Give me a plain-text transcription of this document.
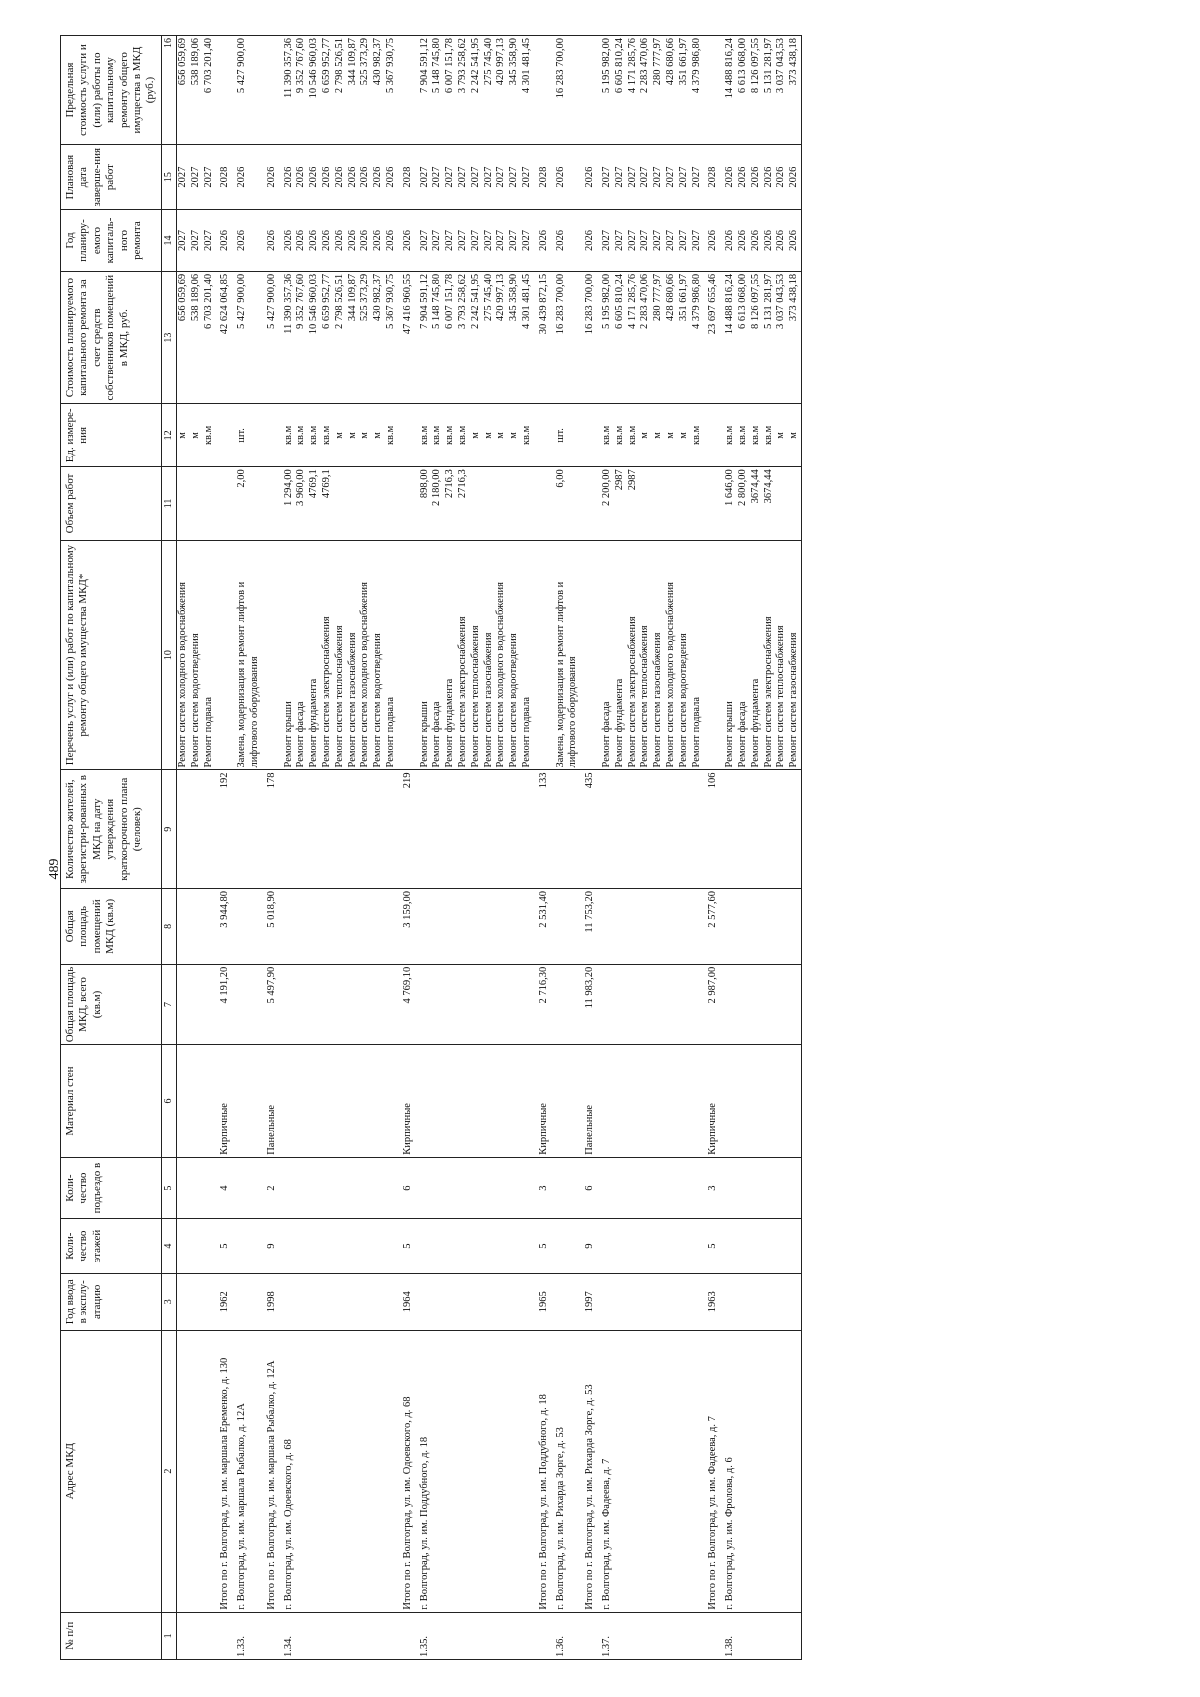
489
№ п/п	Адрес МКД	Год ввода в эксплу-атацию	Коли-чество этажей	Коли-чество подъездо в	Материал стен	Общая площадь МКД, всего (кв.м)	Общая площадь помещений МКД (кв.м)	Количество жителей, зарегистри-рованных в МКД на дату утверждения краткосрочного плана (человек)	Перечень услуг и (или) работ по капитальному ремонту общего имущества МКД*	Объем работ	Ед. измере-ния	Стоимость планируемого капитального ремонта за счет средств собственников помещений в МКД, руб.	Год планиру-емого капиталь-ного ремонта	Плановая дата заверше-ния работ	Предельная стоимость услуги и (или) работы по капитальному ремонту общего имущества в МКД (руб.)
1	2	3	4	5	6	7	8	9	10	11	12	13	14	15	16
									Ремонт систем холодного водоснабжения		м	656 059,69	2027	2027	656 059,69
									Ремонт систем водоотведения		м	538 189,06	2027	2027	538 189,06
									Ремонт подвала		кв.м	6 703 201,40	2027	2027	6 703 201,40

	Итого по г. Волгоград, ул. им. маршала Еременко, д. 130	1962	5	4	Кирпичные	4 191,20	3 944,80	192				42 624 064,85	2026	2028	

1.33.	г. Волгоград, ул. им. маршала Рыбалко, д. 12А								Замена, модернизация и ремонт лифтов и лифтового оборудования	2,00	шт.	5 427 900,00	2026	2026	5 427 900,00

	Итого по г. Волгоград, ул. им. маршала Рыбалко, д. 12А	1998	9	2	Панельные	5 497,90	5 018,90	178				5 427 900,00	2026	2026	

1.34.	г. Волгоград, ул. им. Одоевского, д. 68								Ремонт крыши	1 294,00	кв.м	11 390 357,36	2026	2026	11 390 357,36
									Ремонт фасада	3 960,00	кв.м	9 352 767,60	2026	2026	9 352 767,60
									Ремонт фундамента	4769,1	кв.м	10 546 960,03	2026	2026	10 546 960,03
									Ремонт систем электроснабжения	4769,1	кв.м	6 659 952,77	2026	2026	6 659 952,77
									Ремонт систем теплоснабжения		м	2 798 526,51	2026	2026	2 798 526,51
									Ремонт систем газоснабжения		м	344 109,87	2026	2026	344 109,87
									Ремонт систем холодного водоснабжения		м	525 373,29	2026	2026	525 373,29
									Ремонт систем водоотведения		м	430 982,37	2026	2026	430 982,37
									Ремонт подвала		кв.м	5 367 930,75	2026	2026	5 367 930,75

	Итого по г. Волгоград, ул. им. Одоевского, д. 68	1964	5	6	Кирпичные	4 769,10	3 159,00	219				47 416 960,55	2026	2028	

1.35.	г. Волгоград, ул. им. Поддубного, д. 18								Ремонт крыши	898,00	кв.м	7 904 591,12	2027	2027	7 904 591,12
									Ремонт фасада	2 180,00	кв.м	5 148 745,80	2027	2027	5 148 745,80
									Ремонт фундамента	2716,3	кв.м	6 007 151,78	2027	2027	6 007 151,78
									Ремонт систем электроснабжения	2716,3	кв.м	3 793 258,62	2027	2027	3 793 258,62
									Ремонт систем теплоснабжения		м	2 242 541,95	2027	2027	2 242 541,95
									Ремонт систем газоснабжения		м	275 745,40	2027	2027	275 745,40
									Ремонт систем холодного водоснабжения		м	420 997,13	2027	2027	420 997,13
									Ремонт систем водоотведения		м	345 358,90	2027	2027	345 358,90
									Ремонт подвала		кв.м	4 301 481,45	2027	2027	4 301 481,45

	Итого по г. Волгоград, ул. им. Поддубного, д. 18	1965	5	3	Кирпичные	2 716,30	2 531,40	133				30 439 872,15	2026	2028	

1.36.	г. Волгоград, ул. им. Рихарда Зорге, д. 53								Замена, модернизация и ремонт лифтов и лифтового оборудования	6,00	шт.	16 283 700,00	2026	2026	16 283 700,00

	Итого по г. Волгоград, ул. им. Рихарда Зорге, д. 53	1997	9	6	Панельные	11 983,20	11 753,20	435				16 283 700,00	2026	2026	

1.37.	г. Волгоград, ул. им. Фадеева, д. 7								Ремонт фасада	2 200,00	кв.м	5 195 982,00	2027	2027	5 195 982,00
									Ремонт фундамента	2987	кв.м	6 605 810,24	2027	2027	6 605 810,24
									Ремонт систем электроснабжения	2987	кв.м	4 171 285,76	2027	2027	4 171 285,76
									Ремонт систем теплоснабжения		м	2 283 470,06	2027	2027	2 283 470,06
									Ремонт систем газоснабжения		м	280 777,97	2027	2027	280 777,97
									Ремонт систем холодного водоснабжения		м	428 680,66	2027	2027	428 680,66
									Ремонт систем водоотведения		м	351 661,97	2027	2027	351 661,97
									Ремонт подвала		кв.м	4 379 986,80	2027	2027	4 379 986,80

	Итого по г. Волгоград, ул. им. Фадеева, д. 7	1963	5	3	Кирпичные	2 987,00	2 577,60	106				23 697 655,46	2026	2028	

1.38.	г. Волгоград, ул. им. Фролова, д. 6								Ремонт крыши	1 646,00	кв.м	14 488 816,24	2026	2026	14 488 816,24
									Ремонт фасада	2 800,00	кв.м	6 613 068,00	2026	2026	6 613 068,00
									Ремонт фундамента	3674,44	кв.м	8 126 097,55	2026	2026	8 126 097,55
									Ремонт систем электроснабжения	3674,44	кв.м	5 131 281,97	2026	2026	5 131 281,97
									Ремонт систем теплоснабжения		м	3 037 043,53	2026	2026	3 037 043,53
									Ремонт систем газоснабжения		м	373 438,18	2026	2026	373 438,18
